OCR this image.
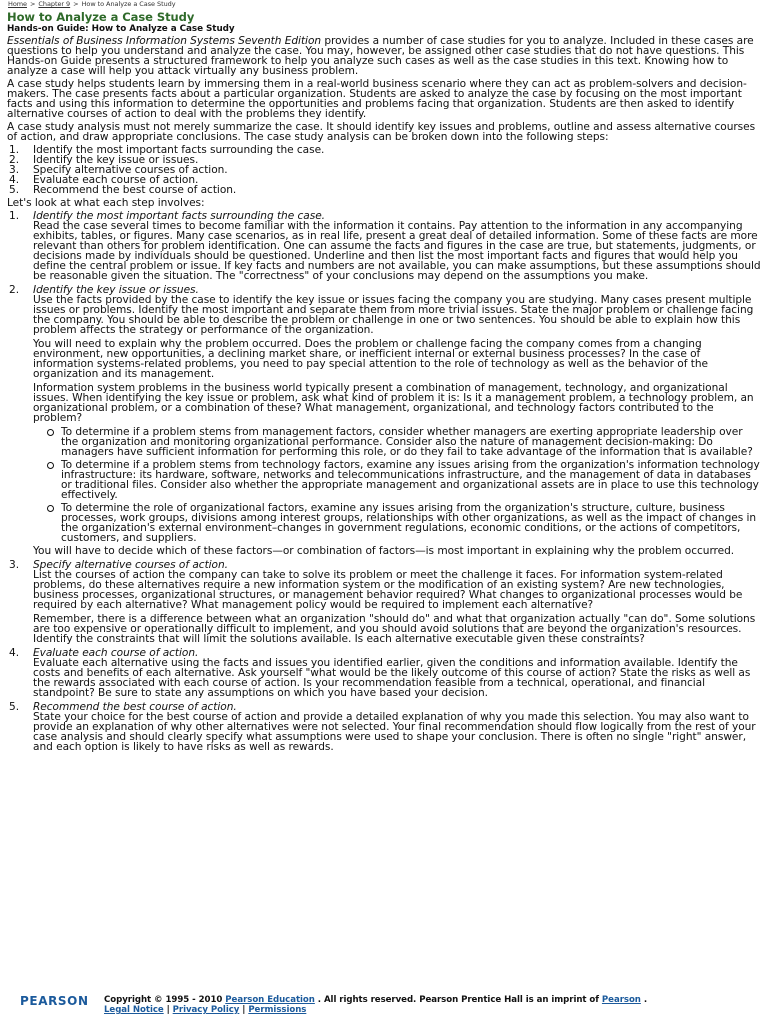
Home > Chapter 9 > How to Analyze a Case Study
How to Analyze a Case Study
Hands-on Guide: How to Analyze a Case Study

Essentials of Business Information Systems Seventh Edition provides a number of case studies for you to analyze. Included in these cases are questions to help you understand and analyze the case. You may, however, be assigned other case studies that do not have questions. This Hands-on Guide presents a structured framework to help you analyze such cases as well as the case studies in this text. Knowing how to analyze a case will help you attack virtually any business problem.

A case study helps students learn by immersing them in a real-world business scenario where they can act as problem-solvers and decision-makers. The case presents facts about a particular organization. Students are asked to analyze the case by focusing on the most important facts and using this information to determine the opportunities and problems facing that organization. Students are then asked to identify alternative courses of action to deal with the problems they identify.

A case study analysis must not merely summarize the case. It should identify key issues and problems, outline and assess alternative courses of action, and draw appropriate conclusions. The case study analysis can be broken down into the following steps:

1. Identify the most important facts surrounding the case.
2. Identify the key issue or issues.
3. Specify alternative courses of action.
4. Evaluate each course of action.
5. Recommend the best course of action.

Let's look at what each step involves:

1. Identify the most important facts surrounding the case.

Read the case several times to become familiar with the information it contains. Pay attention to the information in any accompanying exhibits, tables, or figures. Many case scenarios, as in real life, present a great deal of detailed information. Some of these facts are more relevant than others for problem identification. One can assume the facts and figures in the case are true, but statements, judgments, or decisions made by individuals should be questioned. Underline and then list the most important facts and figures that would help you define the central problem or issue. If key facts and numbers are not available, you can make assumptions, but these assumptions should be reasonable given the situation. The "correctness" of your conclusions may depend on the assumptions you make.

2. Identify the key issue or issues.

Use the facts provided by the case to identify the key issue or issues facing the company you are studying. Many cases present multiple issues or problems. Identify the most important and separate them from more trivial issues. State the major problem or challenge facing the company. You should be able to describe the problem or challenge in one or two sentences. You should be able to explain how this problem affects the strategy or performance of the organization.

You will need to explain why the problem occurred. Does the problem or challenge facing the company comes from a changing environment, new opportunities, a declining market share, or inefficient internal or external business processes? In the case of information systems-related problems, you need to pay special attention to the role of technology as well as the behavior of the organization and its management.

Information system problems in the business world typically present a combination of management, technology, and organizational issues. When identifying the key issue or problem, ask what kind of problem it is: Is it a management problem, a technology problem, an organizational problem, or a combination of these? What management, organizational, and technology factors contributed to the problem?

To determine if a problem stems from management factors, consider whether managers are exerting appropriate leadership over the organization and monitoring organizational performance. Consider also the nature of management decision-making: Do managers have sufficient information for performing this role, or do they fail to take advantage of the information that is available?
To determine if a problem stems from technology factors, examine any issues arising from the organization's information technology infrastructure: its hardware, software, networks and telecommunications infrastructure, and the management of data in databases or traditional files. Consider also whether the appropriate management and organizational assets are in place to use this technology effectively.
To determine the role of organizational factors, examine any issues arising from the organization's structure, culture, business processes, work groups, divisions among interest groups, relationships with other organizations, as well as the impact of changes in the organization's external environment–changes in government regulations, economic conditions, or the actions of competitors, customers, and suppliers.

You will have to decide which of these factors—or combination of factors—is most important in explaining why the problem occurred.

3. Specify alternative courses of action.

List the courses of action the company can take to solve its problem or meet the challenge it faces. For information system-related problems, do these alternatives require a new information system or the modification of an existing system? Are new technologies, business processes, organizational structures, or management behavior required? What changes to organizational processes would be required by each alternative? What management policy would be required to implement each alternative?

Remember, there is a difference between what an organization "should do" and what that organization actually "can do". Some solutions are too expensive or operationally difficult to implement, and you should avoid solutions that are beyond the organization's resources. Identify the constraints that will limit the solutions available. Is each alternative executable given these constraints?

4. Evaluate each course of action.

Evaluate each alternative using the facts and issues you identified earlier, given the conditions and information available. Identify the costs and benefits of each alternative. Ask yourself "what would be the likely outcome of this course of action? State the risks as well as the rewards associated with each course of action. Is your recommendation feasible from a technical, operational, and financial standpoint? Be sure to state any assumptions on which you have based your decision.

5. Recommend the best course of action.

State your choice for the best course of action and provide a detailed explanation of why you made this selection. You may also want to provide an explanation of why other alternatives were not selected. Your final recommendation should flow logically from the rest of your case analysis and should clearly specify what assumptions were used to shape your conclusion. There is often no single "right" answer, and each option is likely to have risks as well as rewards.

PEARSON Copyright © 1995 - 2010 Pearson Education . All rights reserved. Pearson Prentice Hall is an imprint of Pearson .
Legal Notice | Privacy Policy | Permissions
